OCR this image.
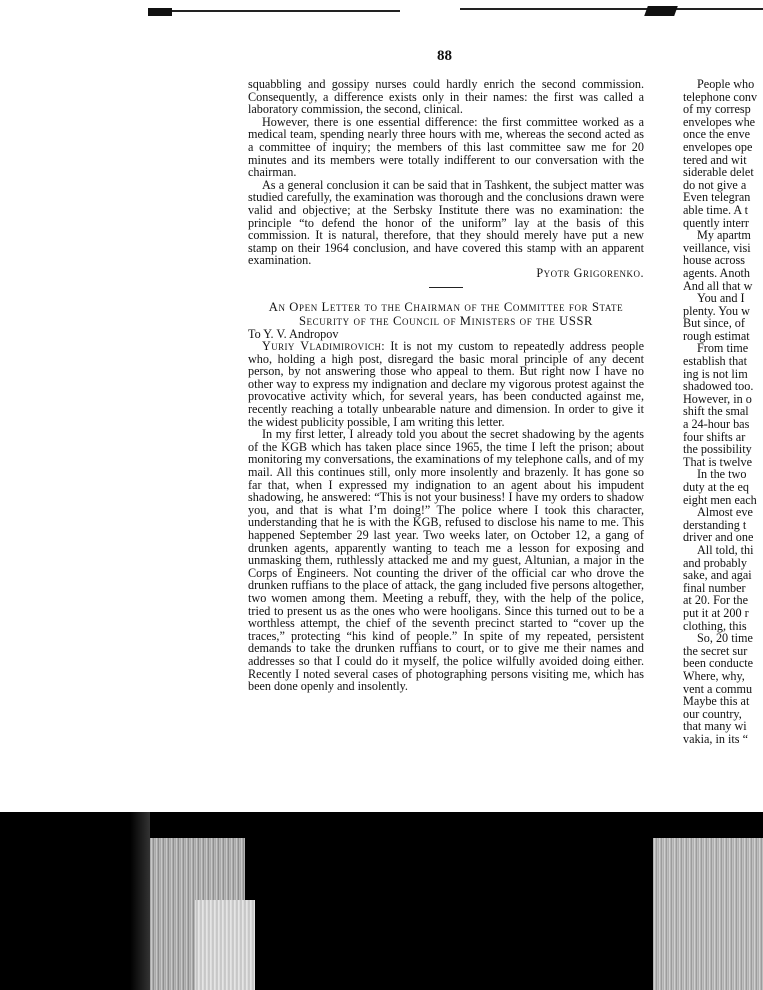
88

squabbling and gossipy nurses could hardly enrich the second commission. Consequently, a difference exists only in their names: the first was called a laboratory commission, the second, clinical.

However, there is one essential difference: the first committee worked as a medical team, spending nearly three hours with me, whereas the second acted as a committee of inquiry; the members of this last committee saw me for 20 minutes and its members were totally indifferent to our conversation with the chairman.

As a general conclusion it can be said that in Tashkent, the subject matter was studied carefully, the examination was thorough and the conclusions drawn were valid and objective; at the Serbsky Institute there was no examination: the principle “to defend the honor of the uniform” lay at the basis of this commission. It is natural, therefore, that they should merely have put a new stamp on their 1964 conclusion, and have covered this stamp with an apparent examination.

Pyotr Grigorenko.

An Open Letter to the Chairman of the Committee for State Security of the Council of Ministers of the USSR

To Y. V. Andropov

Yuriy Vladimirovich: It is not my custom to repeatedly address people who, holding a high post, disregard the basic moral principle of any decent person, by not answering those who appeal to them. But right now I have no other way to express my indignation and declare my vigorous protest against the provocative activity which, for several years, has been conducted against me, recently reaching a totally unbearable nature and dimension. In order to give it the widest publicity possible, I am writing this letter.

In my first letter, I already told you about the secret shadowing by the agents of the KGB which has taken place since 1965, the time I left the prison; about monitoring my conversations, the examinations of my telephone calls, and of my mail. All this continues still, only more insolently and brazenly. It has gone so far that, when I expressed my indignation to an agent about his impudent shadowing, he answered: “This is not your business! I have my orders to shadow you, and that is what I’m doing!” The police where I took this character, understanding that he is with the KGB, refused to disclose his name to me. This happened September 29 last year. Two weeks later, on October 12, a gang of drunken agents, apparently wanting to teach me a lesson for exposing and unmasking them, ruthlessly attacked me and my guest, Altunian, a major in the Corps of Engineers. Not counting the driver of the official car who drove the drunken ruffians to the place of attack, the gang included five persons altogether, two women among them. Meeting a rebuff, they, with the help of the police, tried to present us as the ones who were hooligans. Since this turned out to be a worthless attempt, the chief of the seventh precinct started to “cover up the traces,” protecting “his kind of people.” In spite of my repeated, persistent demands to take the drunken ruffians to court, or to give me their names and addresses so that I could do it myself, the police wilfully avoided doing either. Recently I noted several cases of photographing persons visiting me, which has been done openly and insolently.

People who
telephone conv
of my corresp
envelopes whe
once the enve
envelopes ope
tered and wit
siderable delet
do not give a
Even telegran
able time. A t
quently interr
My apartm
veillance, visi
house across
agents. Anoth
And all that w
You and I
plenty. You w
But since, of
rough estimat
From time
establish that
ing is not lim
shadowed too.
However, in o
shift the smal
a 24-hour bas
four shifts ar
the possibility
That is twelve
In the two
duty at the eq
eight men each
Almost eve
derstanding t
driver and one
All told, thi
and probably
sake, and agai
final number
at 20. For the
put it at 200 r
clothing, this
So, 20 time
the secret sur
been conducte
Where, why,
vent a commu
Maybe this at
our country,
that many wi
vakia, in its “
